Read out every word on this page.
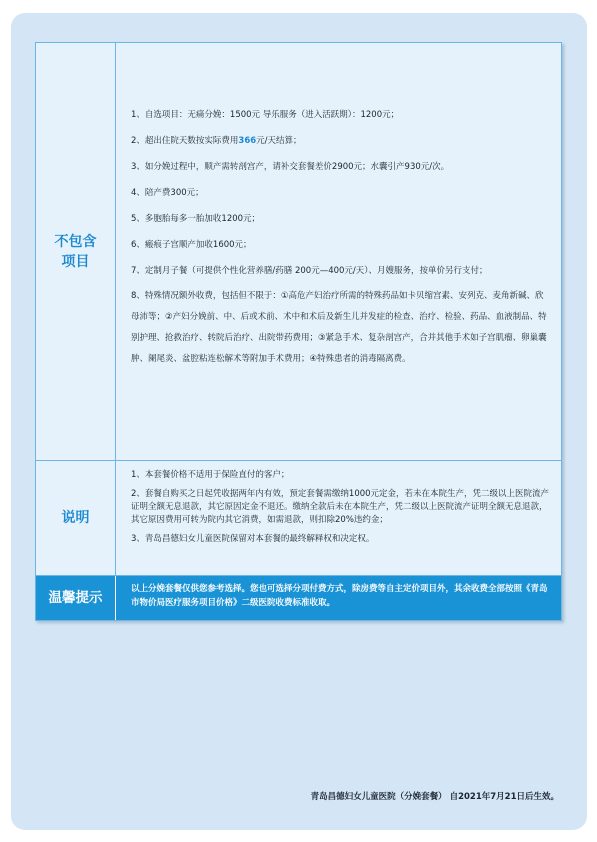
不包含
项目

1、自选项目：无痛分娩：1500元 导乐服务（进入活跃期）：1200元；

2、超出住院天数按实际费用366元/天结算；

3、如分娩过程中，顺产需转剖宫产，请补交套餐差价2900元；水囊引产930元/次。

4、陪产费300元；

5、多胞胎每多一胎加收1200元；

6、瘢痕子宫顺产加收1600元；

7、定制月子餐（可提供个性化营养膳/药膳 200元—400元/天）、月嫂服务，按单价另行支付；

8、特殊情况额外收费，包括但不限于：①高危产妇治疗所需的特殊药品如卡贝缩宫素、安列克、麦角新碱、欣母沛等；②产妇分娩前、中、后或术前、术中和术后及新生儿并发症的检查、治疗、检验、药品、血液制品、特别护理、抢救治疗、转院后治疗、出院带药费用；③紧急手术、复杂剖宫产，合并其他手术如子宫肌瘤、卵巢囊肿、阑尾炎、盆腔粘连松解术等附加手术费用；④特殊患者的消毒隔离费。

说明

1、本套餐价格不适用于保险直付的客户；

2、套餐自购买之日起凭收据两年内有效，预定套餐需缴纳1000元定金，若未在本院生产，凭二级以上医院流产证明全额无息退款，其它原因定金不退还。缴纳全款后未在本院生产，凭二级以上医院流产证明全额无息退款，其它原因费用可转为院内其它消费，如需退款，则扣除20%违约金；

3、青岛昌德妇女儿童医院保留对本套餐的最终解释权和决定权。

温馨提示

以上分娩套餐仅供您参考选择。您也可选择分项付费方式，除房费等自主定价项目外，其余收费全部按照《青岛市物价局医疗服务项目价格》二级医院收费标准收取。

青岛昌德妇女儿童医院（分娩套餐） 自2021年7月21日后生效。
